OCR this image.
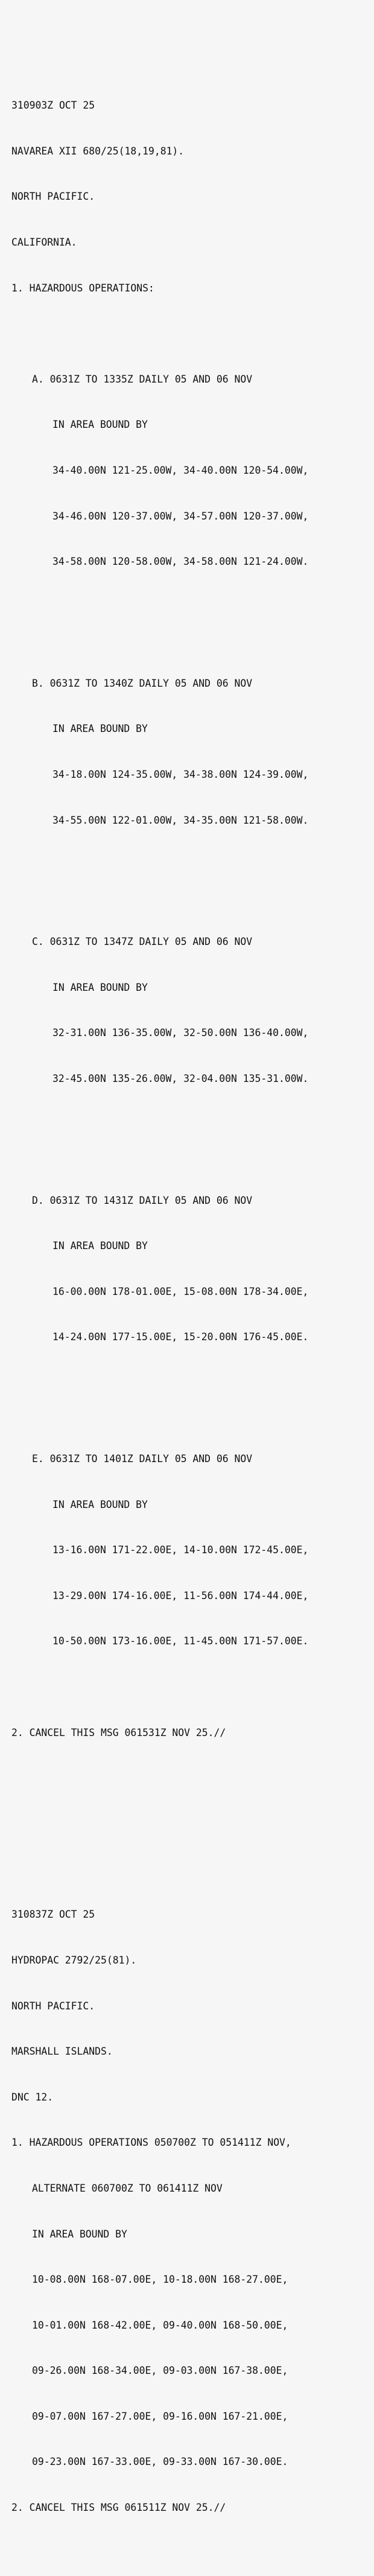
310903Z OCT 25

NAVAREA XII 680/25(18,19,81).

NORTH PACIFIC.

CALIFORNIA.

1. HAZARDOUS OPERATIONS:

A. 0631Z TO 1335Z DAILY 05 AND 06 NOV

IN AREA BOUND BY

34-40.00N 121-25.00W, 34-40.00N 120-54.00W,

34-46.00N 120-37.00W, 34-57.00N 120-37.00W,

34-58.00N 120-58.00W, 34-58.00N 121-24.00W.

B. 0631Z TO 1340Z DAILY 05 AND 06 NOV

IN AREA BOUND BY

34-18.00N 124-35.00W, 34-38.00N 124-39.00W,

34-55.00N 122-01.00W, 34-35.00N 121-58.00W.

C. 0631Z TO 1347Z DAILY 05 AND 06 NOV

IN AREA BOUND BY

32-31.00N 136-35.00W, 32-50.00N 136-40.00W,

32-45.00N 135-26.00W, 32-04.00N 135-31.00W.

D. 0631Z TO 1431Z DAILY 05 AND 06 NOV

IN AREA BOUND BY

16-00.00N 178-01.00E, 15-08.00N 178-34.00E,

14-24.00N 177-15.00E, 15-20.00N 176-45.00E.

E. 0631Z TO 1401Z DAILY 05 AND 06 NOV

IN AREA BOUND BY

13-16.00N 171-22.00E, 14-10.00N 172-45.00E,

13-29.00N 174-16.00E, 11-56.00N 174-44.00E,

10-50.00N 173-16.00E, 11-45.00N 171-57.00E.

2. CANCEL THIS MSG 061531Z NOV 25.//

310837Z OCT 25

HYDROPAC 2792/25(81).

NORTH PACIFIC.

MARSHALL ISLANDS.

DNC 12.

1. HAZARDOUS OPERATIONS 050700Z TO 051411Z NOV,

ALTERNATE 060700Z TO 061411Z NOV

IN AREA BOUND BY

10-08.00N 168-07.00E, 10-18.00N 168-27.00E,

10-01.00N 168-42.00E, 09-40.00N 168-50.00E,

09-26.00N 168-34.00E, 09-03.00N 167-38.00E,

09-07.00N 167-27.00E, 09-16.00N 167-21.00E,

09-23.00N 167-33.00E, 09-33.00N 167-30.00E.

2. CANCEL THIS MSG 061511Z NOV 25.//
